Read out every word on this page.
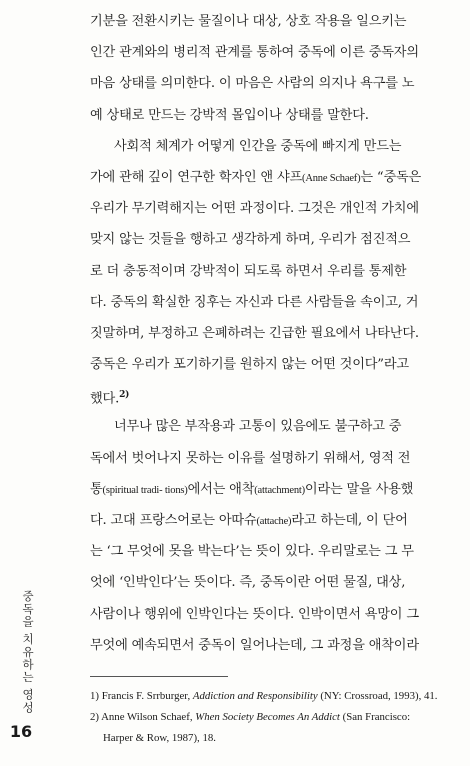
기분을 전환시키는 물질이나 대상, 상호 작용을 일으키는
인간 관계와의 병리적 관계를 통하여 중독에 이른 중독자의
마음 상태를 의미한다. 이 마음은 사람의 의지나 욕구를 노
예 상태로 만드는 강박적 몰입이나 상태를 말한다.
사회적 체계가 어떻게 인간을 중독에 빠지게 만드는
가에 관해 깊이 연구한 학자인 앤 샤프(Anne Schaef)는 “중독은
우리가 무기력해지는 어떤 과정이다. 그것은 개인적 가치에
맞지 않는 것들을 행하고 생각하게 하며, 우리가 점진적으
로 더 충동적이며 강박적이 되도록 하면서 우리를 통제한
다. 중독의 확실한 징후는 자신과 다른 사람들을 속이고, 거
짓말하며, 부정하고 은폐하려는 긴급한 필요에서 나타난다.
중독은 우리가 포기하기를 원하지 않는 어떤 것이다”라고
했다.$^{2)}$
너무나 많은 부작용과 고통이 있음에도 불구하고 중
독에서 벗어나지 못하는 이유를 설명하기 위해서, 영적 전
통(spiritual tradi- tions)에서는 애착(attachment)이라는 말을 사용했
다. 고대 프랑스어로는 아따슈(attache)라고 하는데, 이 단어
는 ‘그 무엇에 못을 박는다’는 뜻이 있다. 우리말로는 그 무
엇에 ‘인박인다’는 뜻이다. 즉, 중독이란 어떤 물질, 대상,
사람이나 행위에 인박인다는 뜻이다. 인박이면서 욕망이 그
무엇에 예속되면서 중독이 일어나는데, 그 과정을 애착이라
1) Francis F. Srrburger, Addiction and Responsibility (NY: Crossroad, 1993), 41.
2) Anne Wilson Schaef, When Society Becomes An Addict (San Francisco:
Harper & Row, 1987), 18.
중독을 치유하는 영성
16
